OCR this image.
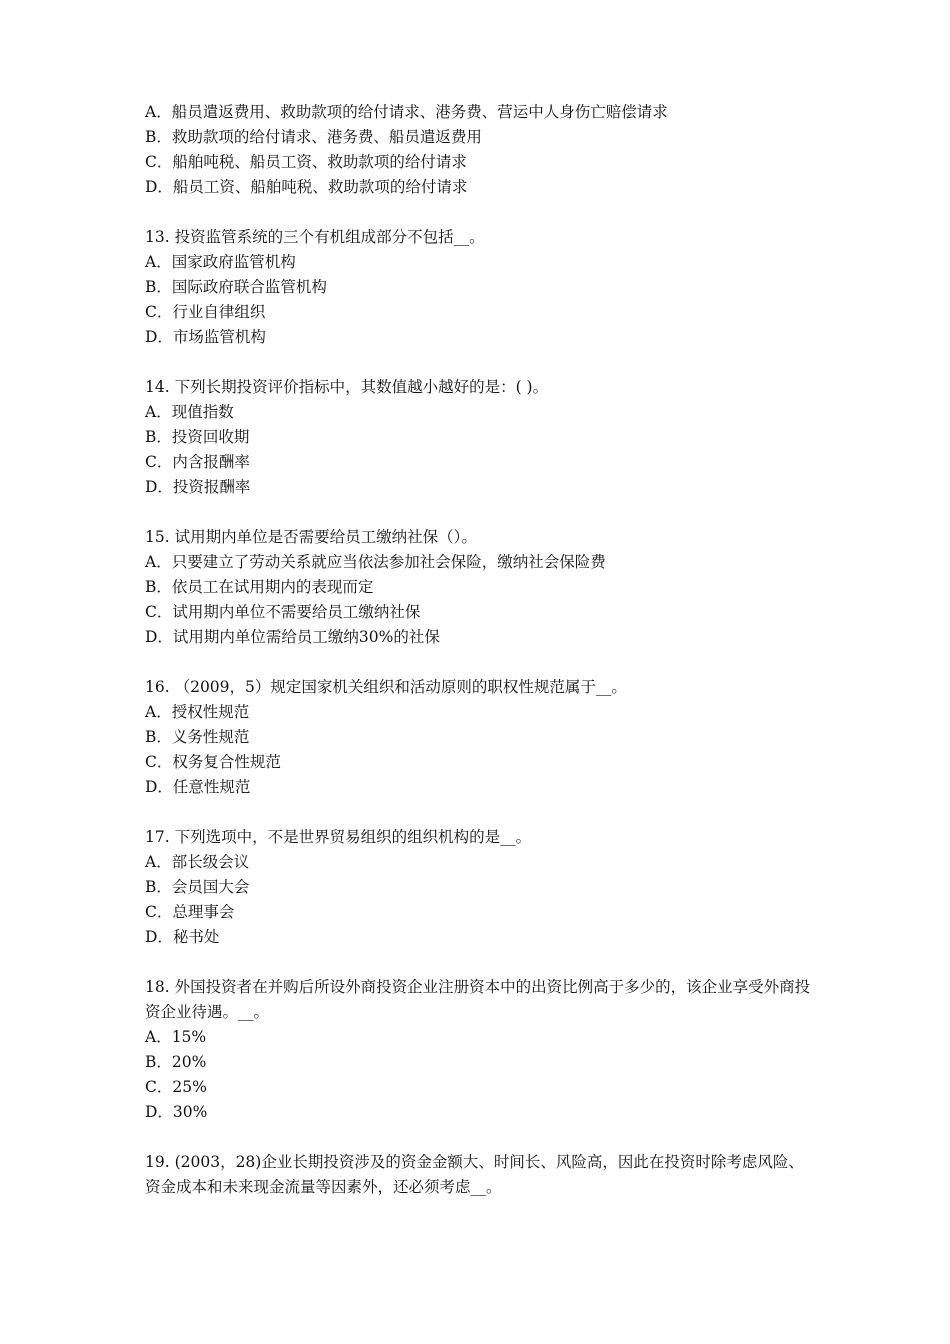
A．船员遣返费用、救助款项的给付请求、港务费、营运中人身伤亡赔偿请求
B．救助款项的给付请求、港务费、船员遣返费用
C．船舶吨税、船员工资、救助款项的给付请求
D．船员工资、船舶吨税、救助款项的给付请求
13. 投资监管系统的三个有机组成部分不包括__。
A．国家政府监管机构
B．国际政府联合监管机构
C．行业自律组织
D．市场监管机构
14. 下列长期投资评价指标中，其数值越小越好的是：( )。
A．现值指数
B．投资回收期
C．内含报酬率
D．投资报酬率
15. 试用期内单位是否需要给员工缴纳社保（）。
A．只要建立了劳动关系就应当依法参加社会保险，缴纳社会保险费
B．依员工在试用期内的表现而定
C．试用期内单位不需要给员工缴纳社保
D．试用期内单位需给员工缴纳30%的社保
16. （2009，5）规定国家机关组织和活动原则的职权性规范属于__。
A．授权性规范
B．义务性规范
C．权务复合性规范
D．任意性规范
17. 下列选项中，不是世界贸易组织的组织机构的是__。
A．部长级会议
B．会员国大会
C．总理事会
D．秘书处
18. 外国投资者在并购后所设外商投资企业注册资本中的出资比例高于多少的，该企业享受外商投资企业待遇。__。
A．15%
B．20%
C．25%
D．30%
19. (2003，28)企业长期投资涉及的资金金额大、时间长、风险高，因此在投资时除考虑风险、资金成本和未来现金流量等因素外，还必须考虑__。
